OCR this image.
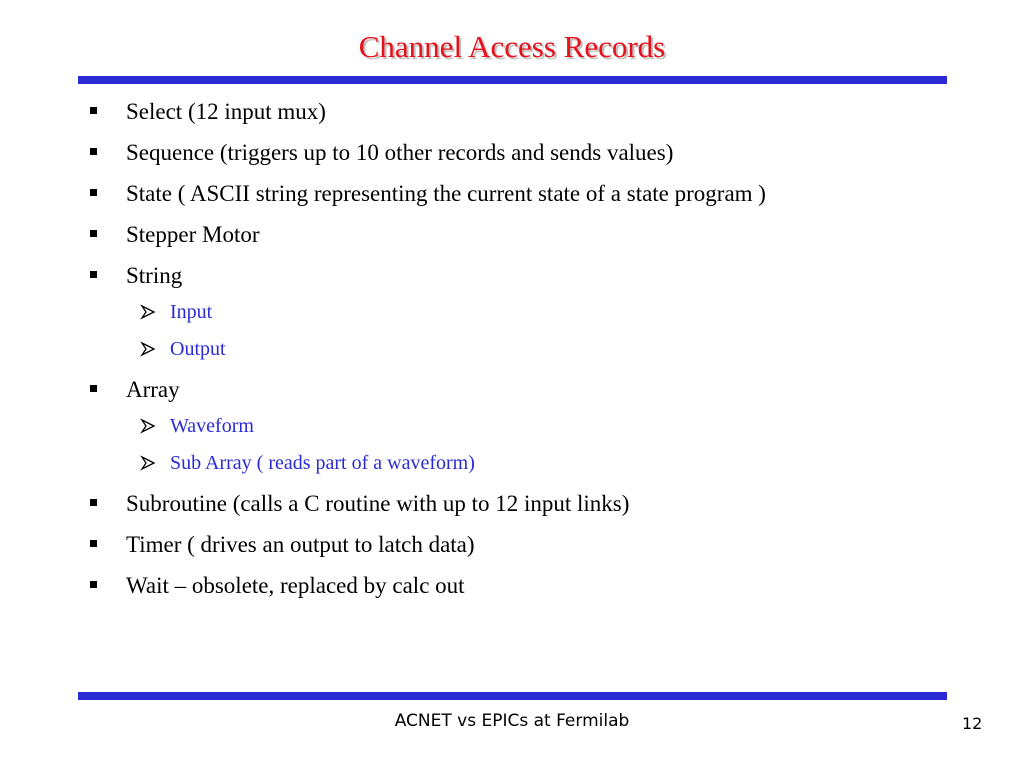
Channel Access Records
Select (12 input mux)
Sequence (triggers up to 10 other records and sends values)
State ( ASCII string representing the current state of a state program )
Stepper Motor
String
Input
Output
Array
Waveform
Sub Array ( reads part of a waveform)
Subroutine (calls a C routine with up to 12 input links)
Timer ( drives an output to latch data)
Wait – obsolete, replaced by calc out
ACNET vs EPICs at Fermilab	12
